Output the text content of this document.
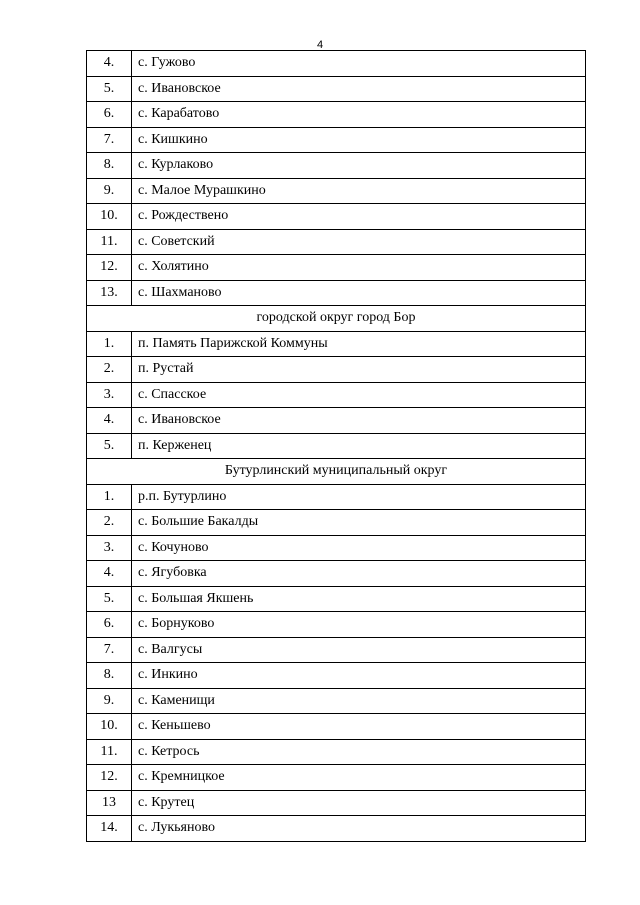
4
4.	с. Гужово
5.	с. Ивановское
6.	с. Карабатово
7.	с. Кишкино
8.	с. Курлаково
9.	с. Малое Мурашкино
10.	с. Рождествено
11.	с. Советский
12.	с. Холятино
13.	с. Шахманово
городской округ город Бор	
1.	п. Память Парижской Коммуны
2.	п. Рустай
3.	с. Спасское
4.	с. Ивановское
5.	п. Керженец
Бутурлинский муниципальный округ	
1.	р.п. Бутурлино
2.	с. Большие Бакалды
3.	с. Кочуново
4.	с. Ягубовка
5.	с. Большая Якшень
6.	с. Борнуково
7.	с. Валгусы
8.	с. Инкино
9.	с. Каменищи
10.	с. Кеньшево
11.	с. Кетрось
12.	с. Кремницкое
13	с. Крутец
14.	с. Лукьяново
